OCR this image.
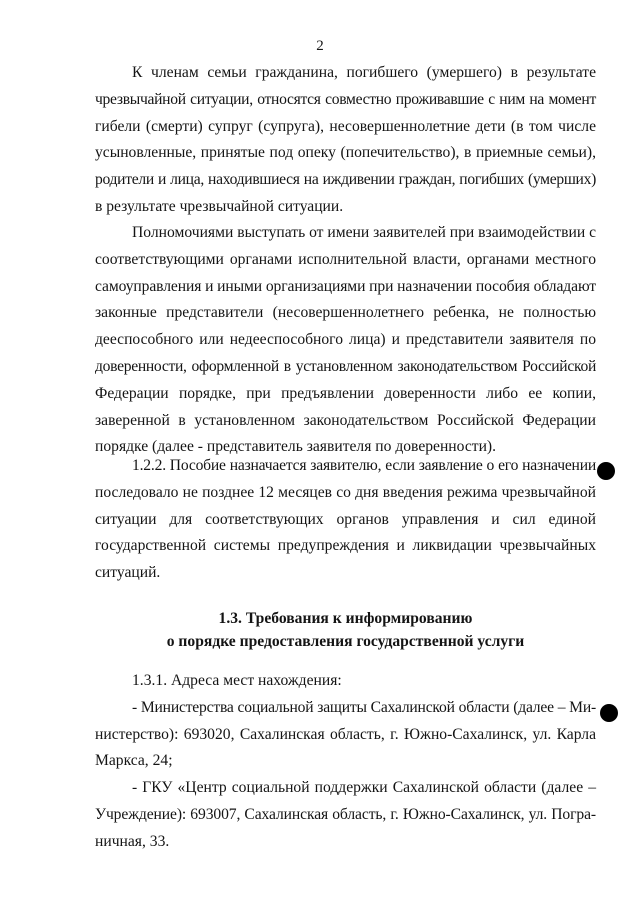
2
К членам семьи гражданина, погибшего (умершего) в результате
чрезвычайной ситуации, относятся совместно проживавшие с ним на момент
гибели (смерти) супруг (супруга), несовершеннолетние дети (в том числе
усыновленные, принятые под опеку (попечительство), в приемные семьи),
родители и лица, находившиеся на иждивении граждан, погибших (умерших)
в результате чрезвычайной ситуации.
Полномочиями выступать от имени заявителей при взаимодействии с
соответствующими органами исполнительной власти, органами местного
самоуправления и иными организациями при назначении пособия обладают
законные представители (несовершеннолетнего ребенка, не полностью
дееспособного или недееспособного лица) и представители заявителя по
доверенности, оформленной в установленном законодательством Российской
Федерации порядке, при предъявлении доверенности либо ее копии,
заверенной в установленном законодательством Российской Федерации
порядке (далее - представитель заявителя по доверенности).
1.2.2. Пособие назначается заявителю, если заявление о его назначении
последовало не позднее 12 месяцев со дня введения режима чрезвычайной
ситуации для соответствующих органов управления и сил единой
государственной системы предупреждения и ликвидации чрезвычайных
ситуаций.
1.3. Требования к информированию
о порядке предоставления государственной услуги
1.3.1. Адреса мест нахождения:
- Министерства социальной защиты Сахалинской области (далее – Ми-
нистерство): 693020, Сахалинская область, г. Южно-Сахалинск, ул. Карла
Маркса, 24;
- ГКУ «Центр социальной поддержки Сахалинской области (далее –
Учреждение): 693007, Сахалинская область, г. Южно-Сахалинск, ул. Погра-
ничная, 33.
